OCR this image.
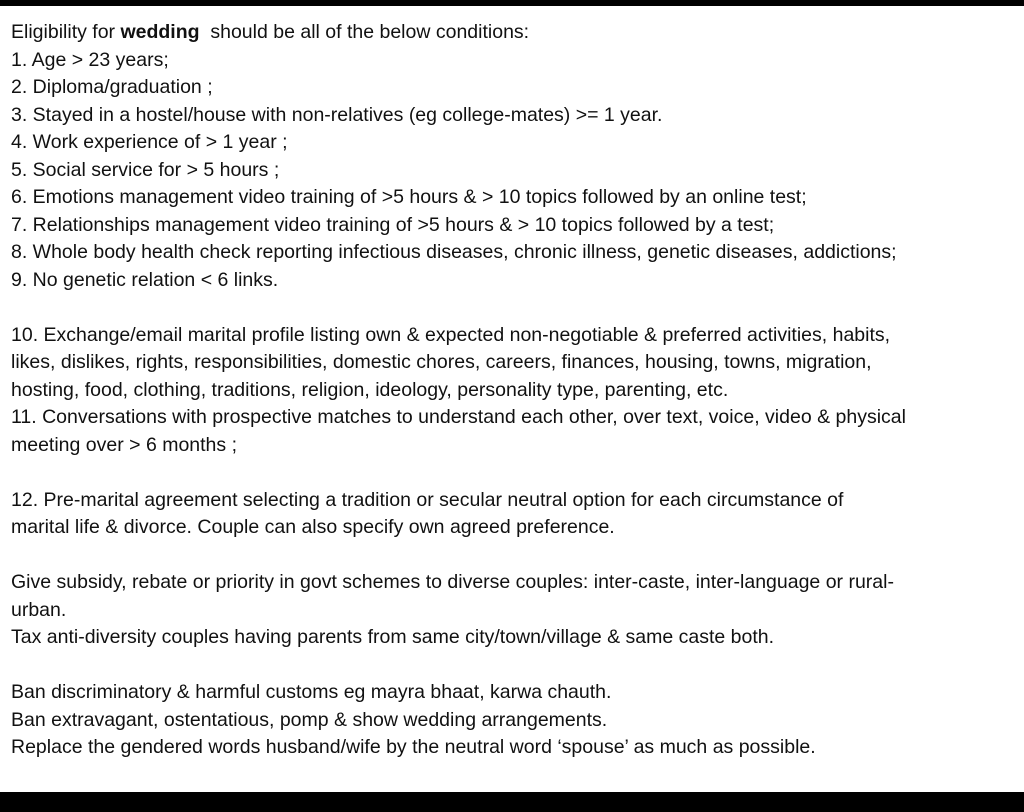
Eligibility for wedding  should be all of the below conditions:
1. Age > 23 years;
2. Diploma/graduation ;
3. Stayed in a hostel/house with non-relatives (eg college-mates) >= 1 year.
4. Work experience of > 1 year ;
5. Social service for > 5 hours ;
6. Emotions management video training of >5 hours & > 10 topics followed by an online test;
7. Relationships management video training of >5 hours & > 10 topics followed by a test;
8. Whole body health check reporting infectious diseases, chronic illness, genetic diseases, addictions;
9. No genetic relation < 6 links.
10. Exchange/email marital profile listing own & expected non-negotiable & preferred activities, habits,
likes, dislikes, rights, responsibilities, domestic chores, careers, finances, housing, towns, migration,
hosting, food, clothing, traditions, religion, ideology, personality type, parenting, etc.
11. Conversations with prospective matches to understand each other, over text, voice, video & physical
meeting over > 6 months ;
12. Pre-marital agreement selecting a tradition or secular neutral option for each circumstance of
marital life & divorce. Couple can also specify own agreed preference.
Give subsidy, rebate or priority in govt schemes to diverse couples: inter-caste, inter-language or rural-
urban.
Tax anti-diversity couples having parents from same city/town/village & same caste both.
Ban discriminatory & harmful customs eg mayra bhaat, karwa chauth.
Ban extravagant, ostentatious, pomp & show wedding arrangements.
Replace the gendered words husband/wife by the neutral word ‘spouse’ as much as possible.
